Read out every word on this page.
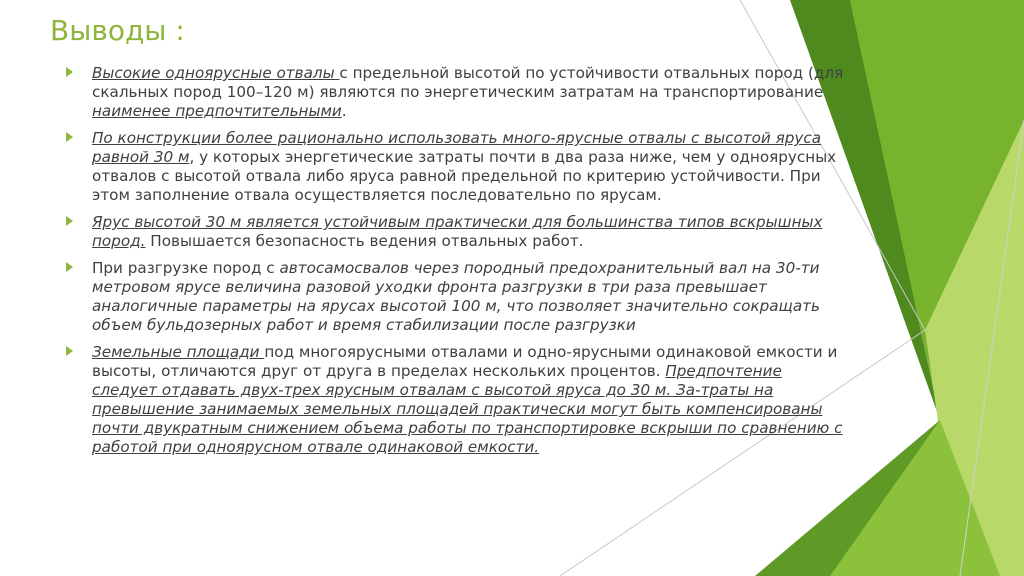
Выводы :

Высокие одноярусные отвалы с предельной высотой по устойчивости отвальных пород (для скальных пород 100–120 м) являются по энергетическим затратам на транспортирование наименее предпочтительными.

По конструкции более рационально использовать много-ярусные отвалы с высотой яруса равной 30 м, у которых энергетические затраты почти в два раза ниже, чем у одноярусных отвалов с высотой отвала либо яруса равной предельной по критерию устойчивости. При этом заполнение отвала осуществляется последовательно по ярусам.

Ярус высотой 30 м является устойчивым практически для большинства типов вскрышных пород. Повышается безопасность ведения отвальных работ.

При разгрузке пород с автосамосвалов через породный предохранительный вал на 30-ти метровом ярусе величина разовой уходки фронта разгрузки в три раза превышает аналогичные параметры на ярусах высотой 100 м, что позволяет значительно сокращать объем бульдозерных работ и время стабилизации после разгрузки

Земельные площади под многоярусными отвалами и одно-ярусными одинаковой емкости и высоты, отличаются друг от друга в пределах нескольких процентов. Предпочтение следует отдавать двух-трех ярусным отвалам с высотой яруса до 30 м. За-траты на превышение занимаемых земельных площадей практически могут быть компенсированы почти двукратным снижением объема работы по транспортировке вскрыши по сравнению с работой при одноярусном отвале одинаковой емкости.
